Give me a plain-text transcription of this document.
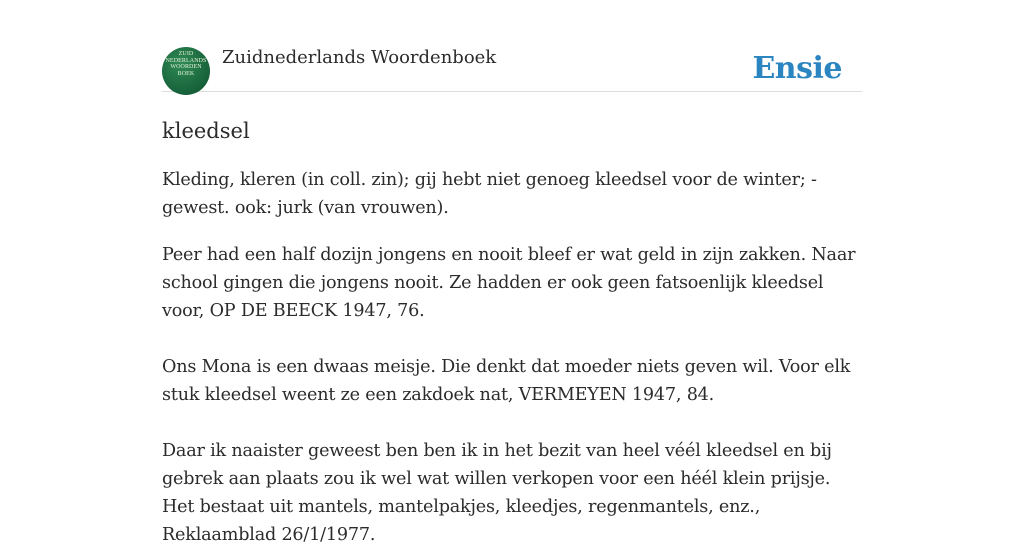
ZUID
NEDERLANDS
WOORDEN
BOEK
Zuidnederlands Woordenboek	Ensie
kleedsel

Kleding, kleren (in coll. zin); gij hebt niet genoeg kleedsel voor de winter; - gewest. ook: jurk (van vrouwen).

Peer had een half dozijn jongens en nooit bleef er wat geld in zijn zakken. Naar school gingen die jongens nooit. Ze hadden er ook geen fatsoenlijk kleedsel voor, OP DE BEECK 1947, 76.

Ons Mona is een dwaas meisje. Die denkt dat moeder niets geven wil. Voor elk stuk kleedsel weent ze een zakdoek nat, VERMEYEN 1947, 84.

Daar ik naaister geweest ben ben ik in het bezit van heel véél kleedsel en bij gebrek aan plaats zou ik wel wat willen verkopen voor een héél klein prijsje. Het bestaat uit mantels, mantelpakjes, kleedjes, regenmantels, enz., Reklaamblad 26/1/1977.
